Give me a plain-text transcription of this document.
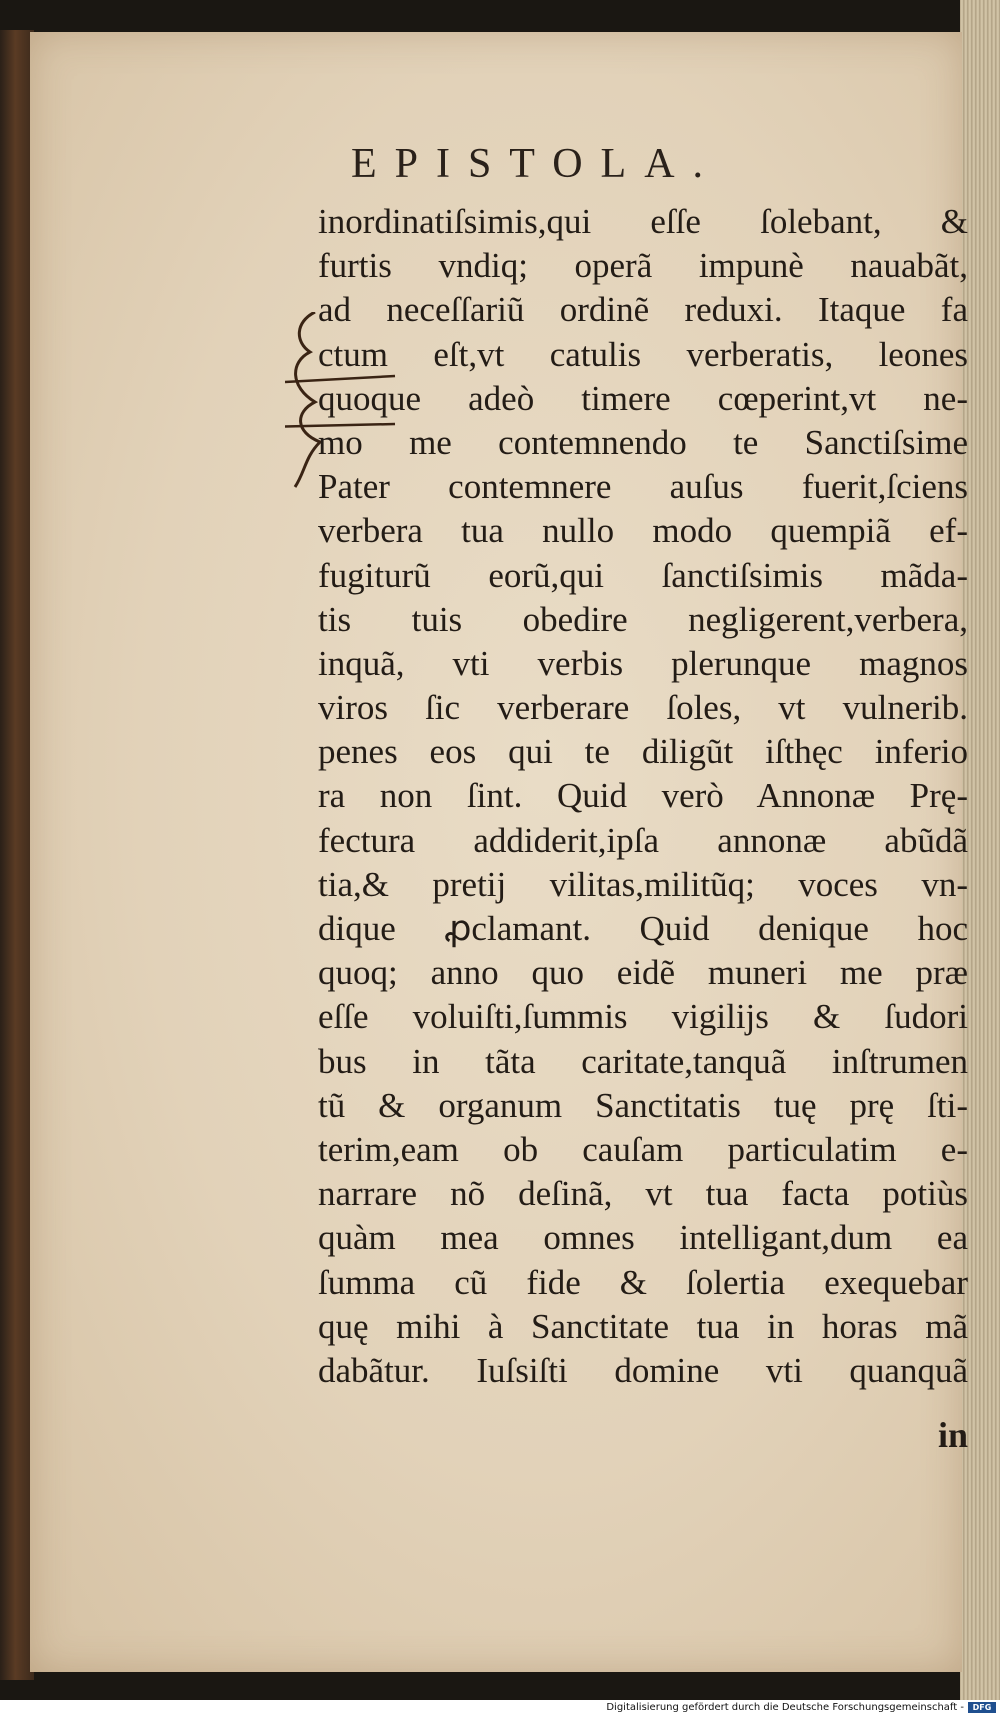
EPISTOLA.
inordinatiſsimis,qui eſſe ſolebant, &
furtis vndiq; operã impunè nauabãt,
ad neceſſariũ ordinẽ reduxi. Itaque fa
ctum eſt,vt catulis verberatis, leones
quoque adeò timere cœperint,vt ne-
mo me contemnendo te Sanctiſsime
Pater contemnere auſus fuerit,ſciens
verbera tua nullo modo quempiã ef-
fugiturũ eorũ,qui ſanctiſsimis mãda-
tis tuis obedire negligerent,verbera,
inquã, vti verbis plerunque magnos
viros ſic verberare ſoles, vt vulnerib.
penes eos qui te diligũt iſthęc inferio
ra non ſint. Quid verò Annonæ Prę-
fectura addiderit,ipſa annonæ abũdã
tia,& pretij vilitas,militũq; voces vn-
dique ꝓclamant. Quid denique hoc
quoq; anno quo eidẽ muneri me præ
eſſe voluiſti,ſummis vigilijs & ſudori
bus in tãta caritate,tanquã inſtrumen
tũ & organum Sanctitatis tuę prę ſti-
terim,eam ob cauſam particulatim e-
narrare nõ deſinã, vt tua facta potiùs
quàm mea omnes intelligant,dum ea
ſumma cũ fide & ſolertia exequebar
quę mihi à Sanctitate tua in horas mã
dabãtur. Iuſsiſti domine vti quanquã
in
Digitalisierung gefördert durch die Deutsche Forschungsgemeinschaft -	DFG
